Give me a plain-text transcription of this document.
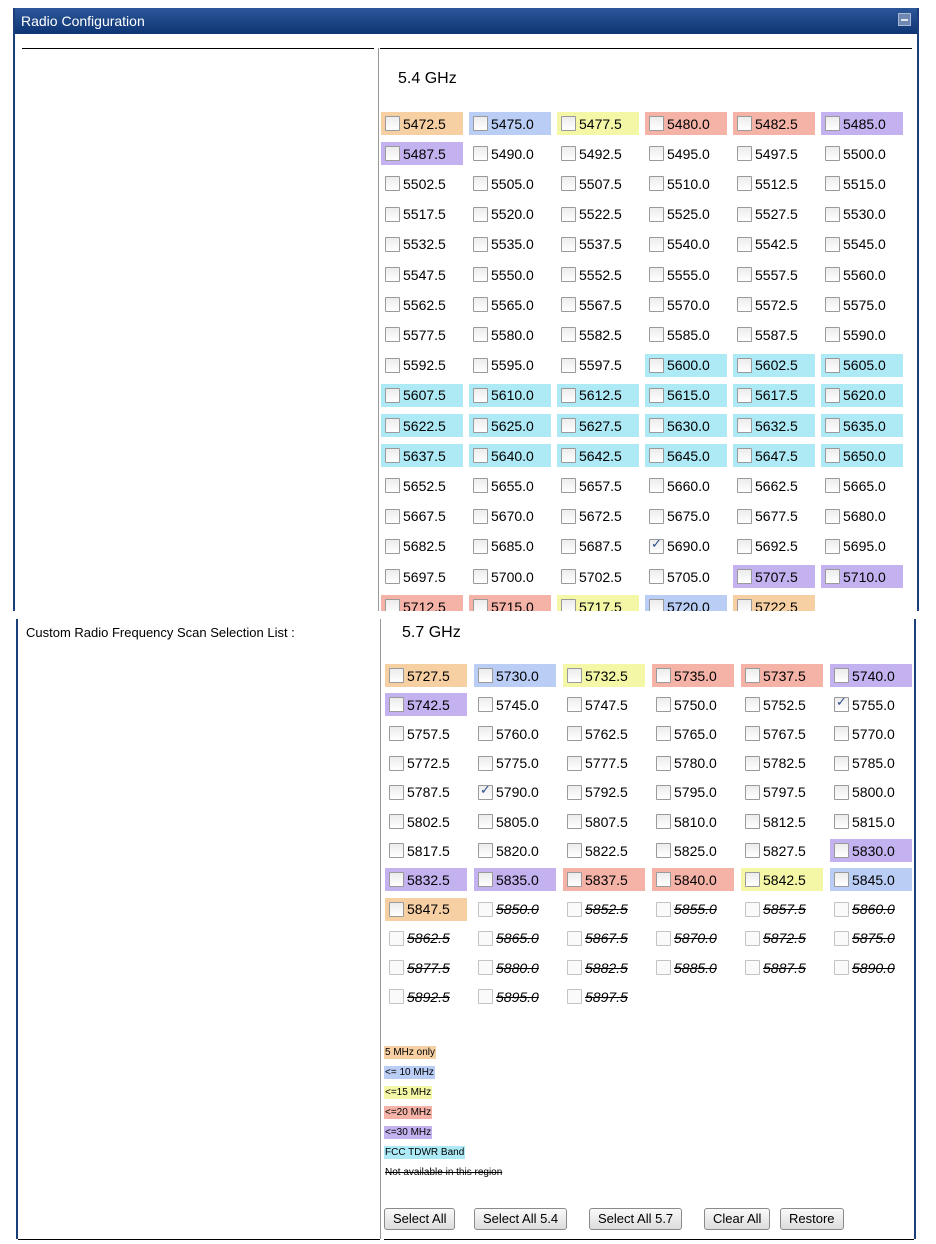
Radio Configuration
5.4 GHz
5472.5	5475.0	5477.5	5480.0	5482.5	5485.0
5487.5	5490.0	5492.5	5495.0	5497.5	5500.0
5502.5	5505.0	5507.5	5510.0	5512.5	5515.0
5517.5	5520.0	5522.5	5525.0	5527.5	5530.0
5532.5	5535.0	5537.5	5540.0	5542.5	5545.0
5547.5	5550.0	5552.5	5555.0	5557.5	5560.0
5562.5	5565.0	5567.5	5570.0	5572.5	5575.0
5577.5	5580.0	5582.5	5585.0	5587.5	5590.0
5592.5	5595.0	5597.5	5600.0	5602.5	5605.0
5607.5	5610.0	5612.5	5615.0	5617.5	5620.0
5622.5	5625.0	5627.5	5630.0	5632.5	5635.0
5637.5	5640.0	5642.5	5645.0	5647.5	5650.0
5652.5	5655.0	5657.5	5660.0	5662.5	5665.0
5667.5	5670.0	5672.5	5675.0	5677.5	5680.0
5682.5	5685.0	5687.5 ✓	5690.0	5692.5	5695.0
5697.5	5700.0	5702.5	5705.0	5707.5	5710.0
5712.5	5715.0	5717.5	5720.0	5722.5
Custom Radio Frequency Scan Selection List :	5.7 GHz
5727.5	5730.0	5732.5	5735.0	5737.5	5740.0
5742.5	5745.0	5747.5	5750.0	5752.5 ✓	5755.0
5757.5	5760.0	5762.5	5765.0	5767.5	5770.0
5772.5	5775.0	5777.5	5780.0	5782.5	5785.0
5787.5 ✓	5790.0	5792.5	5795.0	5797.5	5800.0
5802.5	5805.0	5807.5	5810.0	5812.5	5815.0
5817.5	5820.0	5822.5	5825.0	5827.5	5830.0
5832.5	5835.0	5837.5	5840.0	5842.5	5845.0
5847.5	5850.0	5852.5	5855.0	5857.5	5860.0
5862.5	5865.0	5867.5	5870.0	5872.5	5875.0
5877.5	5880.0	5882.5	5885.0	5887.5	5890.0
5892.5	5895.0	5897.5
5 MHz only
<= 10 MHz
<=15 MHz
<=20 MHz
<=30 MHz
FCC TDWR Band
Not available in this region
Select All	Select All 5.4	Select All 5.7	Clear All	Restore
